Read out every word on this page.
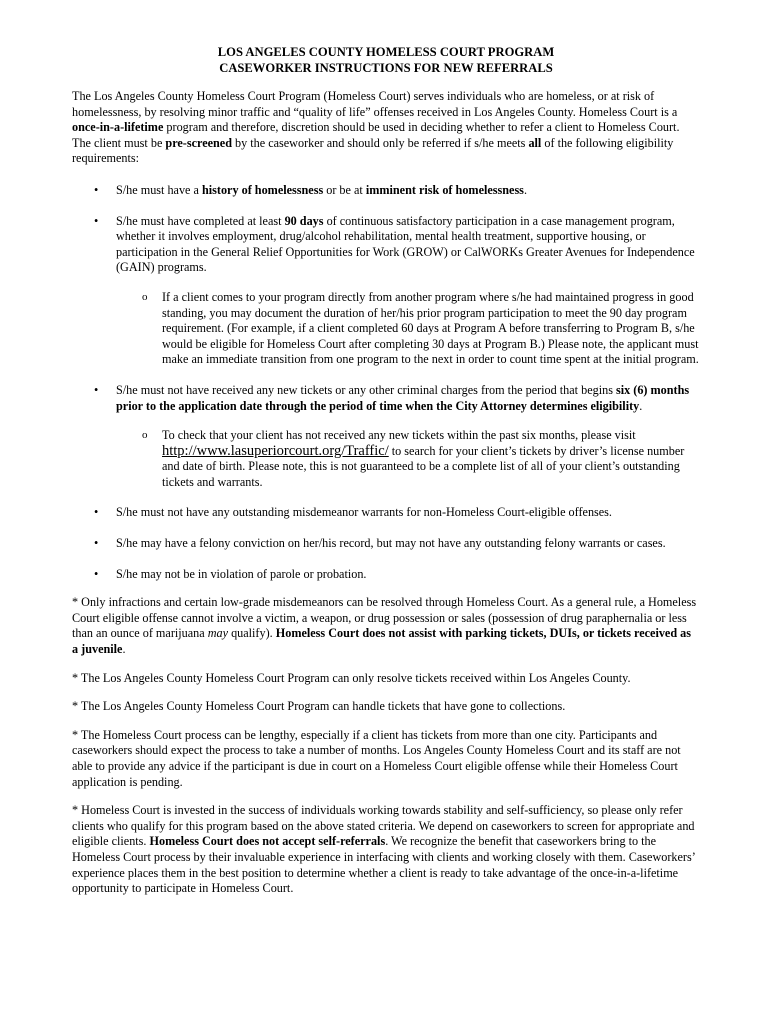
LOS ANGELES COUNTY HOMELESS COURT PROGRAM

CASEWORKER INSTRUCTIONS FOR NEW REFERRALS

The Los Angeles County Homeless Court Program (Homeless Court) serves individuals who are homeless, or at risk of homelessness, by resolving minor traffic and “quality of life” offenses received in Los Angeles County. Homeless Court is a once-in-a-lifetime program and therefore, discretion should be used in deciding whether to refer a client to Homeless Court. The client must be pre-screened by the caseworker and should only be referred if s/he meets all of the following eligibility requirements:

• S/he must have a history of homelessness or be at imminent risk of homelessness.
• S/he must have completed at least 90 days of continuous satisfactory participation in a case management program, whether it involves employment, drug/alcohol rehabilitation, mental health treatment, supportive housing, or participation in the General Relief Opportunities for Work (GROW) or CalWORKs Greater Avenues for Independence (GAIN) programs.

o If a client comes to your program directly from another program where s/he had maintained progress in good standing, you may document the duration of her/his prior program participation to meet the 90 day program requirement. (For example, if a client completed 60 days at Program A before transferring to Program B, s/he would be eligible for Homeless Court after completing 30 days at Program B.) Please note, the applicant must make an immediate transition from one program to the next in order to count time spent at the initial program.

• S/he must not have received any new tickets or any other criminal charges from the period that begins six (6) months prior to the application date through the period of time when the City Attorney determines eligibility.

o To check that your client has not received any new tickets within the past six months, please visit http://www.lasuperiorcourt.org/Traffic/ to search for your client’s tickets by driver’s license number and date of birth. Please note, this is not guaranteed to be a complete list of all of your client’s outstanding tickets and warrants.

• S/he must not have any outstanding misdemeanor warrants for non-Homeless Court-eligible offenses.
• S/he may have a felony conviction on her/his record, but may not have any outstanding felony warrants or cases.
• S/he may not be in violation of parole or probation.

* Only infractions and certain low-grade misdemeanors can be resolved through Homeless Court. As a general rule, a Homeless Court eligible offense cannot involve a victim, a weapon, or drug possession or sales (possession of drug paraphernalia or less than an ounce of marijuana may qualify). Homeless Court does not assist with parking tickets, DUIs, or tickets received as a juvenile.

* The Los Angeles County Homeless Court Program can only resolve tickets received within Los Angeles County.

* The Los Angeles County Homeless Court Program can handle tickets that have gone to collections.

* The Homeless Court process can be lengthy, especially if a client has tickets from more than one city. Participants and caseworkers should expect the process to take a number of months. Los Angeles County Homeless Court and its staff are not able to provide any advice if the participant is due in court on a Homeless Court eligible offense while their Homeless Court application is pending.

* Homeless Court is invested in the success of individuals working towards stability and self-sufficiency, so please only refer clients who qualify for this program based on the above stated criteria. We depend on caseworkers to screen for appropriate and eligible clients. Homeless Court does not accept self-referrals. We recognize the benefit that caseworkers bring to the Homeless Court process by their invaluable experience in interfacing with clients and working closely with them. Caseworkers’ experience places them in the best position to determine whether a client is ready to take advantage of the once-in-a-lifetime opportunity to participate in Homeless Court.
